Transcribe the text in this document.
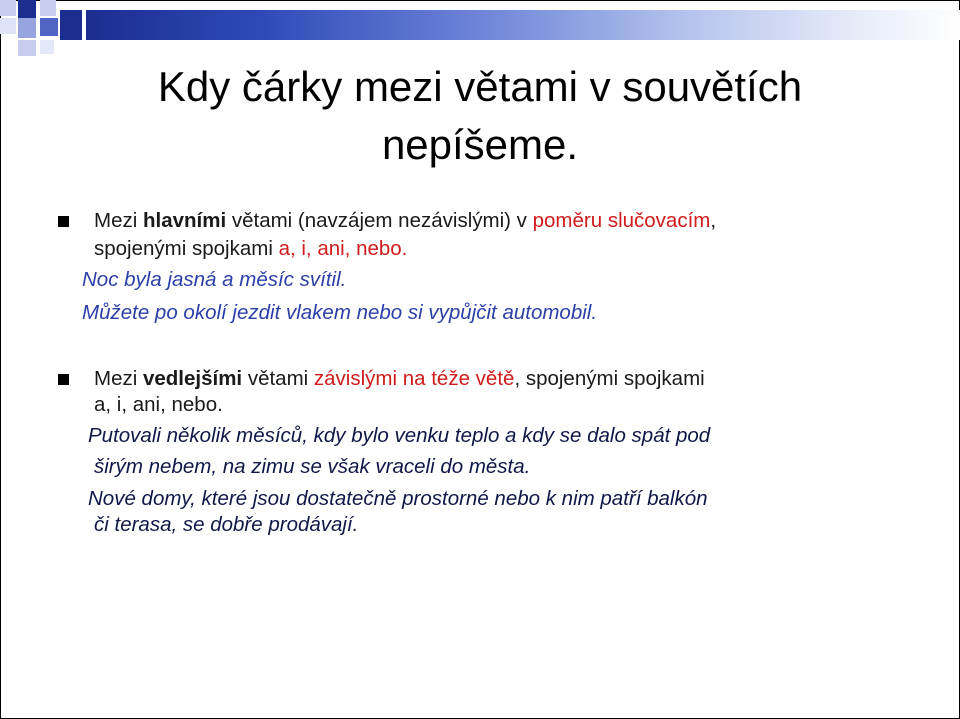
Kdy čárky mezi větami v souvětích
nepíšeme.

Mezi hlavními větami (navzájem nezávislými) v poměru slučovacím,

spojenými spojkami a, i, ani, nebo.

Noc byla jasná a měsíc svítil.

Můžete po okolí jezdit vlakem nebo si vypůjčit automobil.

Mezi vedlejšími větami závislými na téže větě, spojenými spojkami

a, i, ani, nebo.

Putovali několik měsíců, kdy bylo venku teplo a kdy se dalo spát pod

širým nebem, na zimu se však vraceli do města.

Nové domy, které jsou dostatečně prostorné nebo k nim patří balkón

či terasa, se dobře prodávají.
